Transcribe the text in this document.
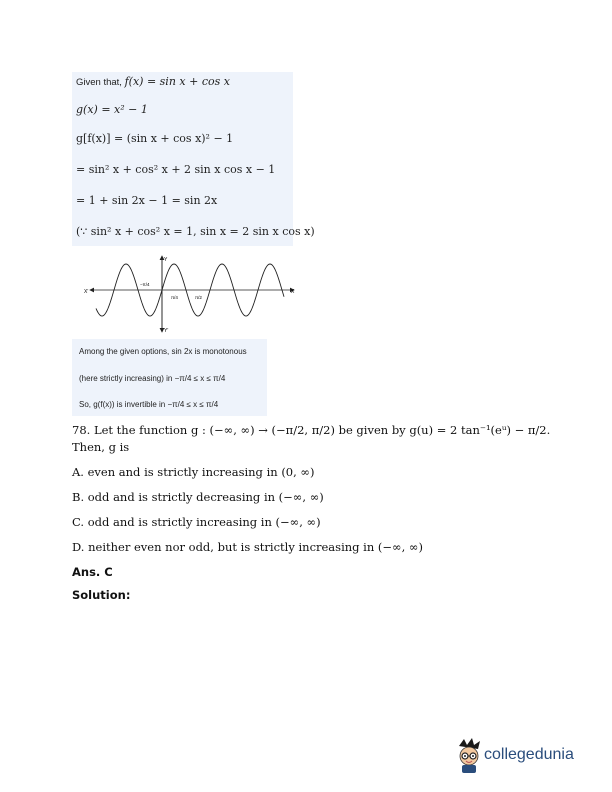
Given that, f(x) = sin x + cos x
g(x) = x² − 1
g[f(x)] = (sin x + cos x)² − 1
= sin² x + cos² x + 2 sin x cos x − 1
= 1 + sin 2x − 1 = sin 2x
(∵ sin² x + cos² x = 1, sin x = 2 sin x cos x)
Y
Y'
X'	X
−π/4
π/4	π/2
Among the given options, sin 2x is monotonous
(here strictly increasing) in −π/4 ≤ x ≤ π/4
So, g(f(x)) is invertible in −π/4 ≤ x ≤ π/4
78. Let the function g : (−∞, ∞) → (−π/2, π/2) be given by g(u) = 2 tan⁻¹(eᵘ) − π/2.
Then, g is
A. even and is strictly increasing in (0, ∞)
B. odd and is strictly decreasing in (−∞, ∞)
C. odd and is strictly increasing in (−∞, ∞)
D. neither even nor odd, but is strictly increasing in (−∞, ∞)
Ans. C
Solution:
collegedunia
